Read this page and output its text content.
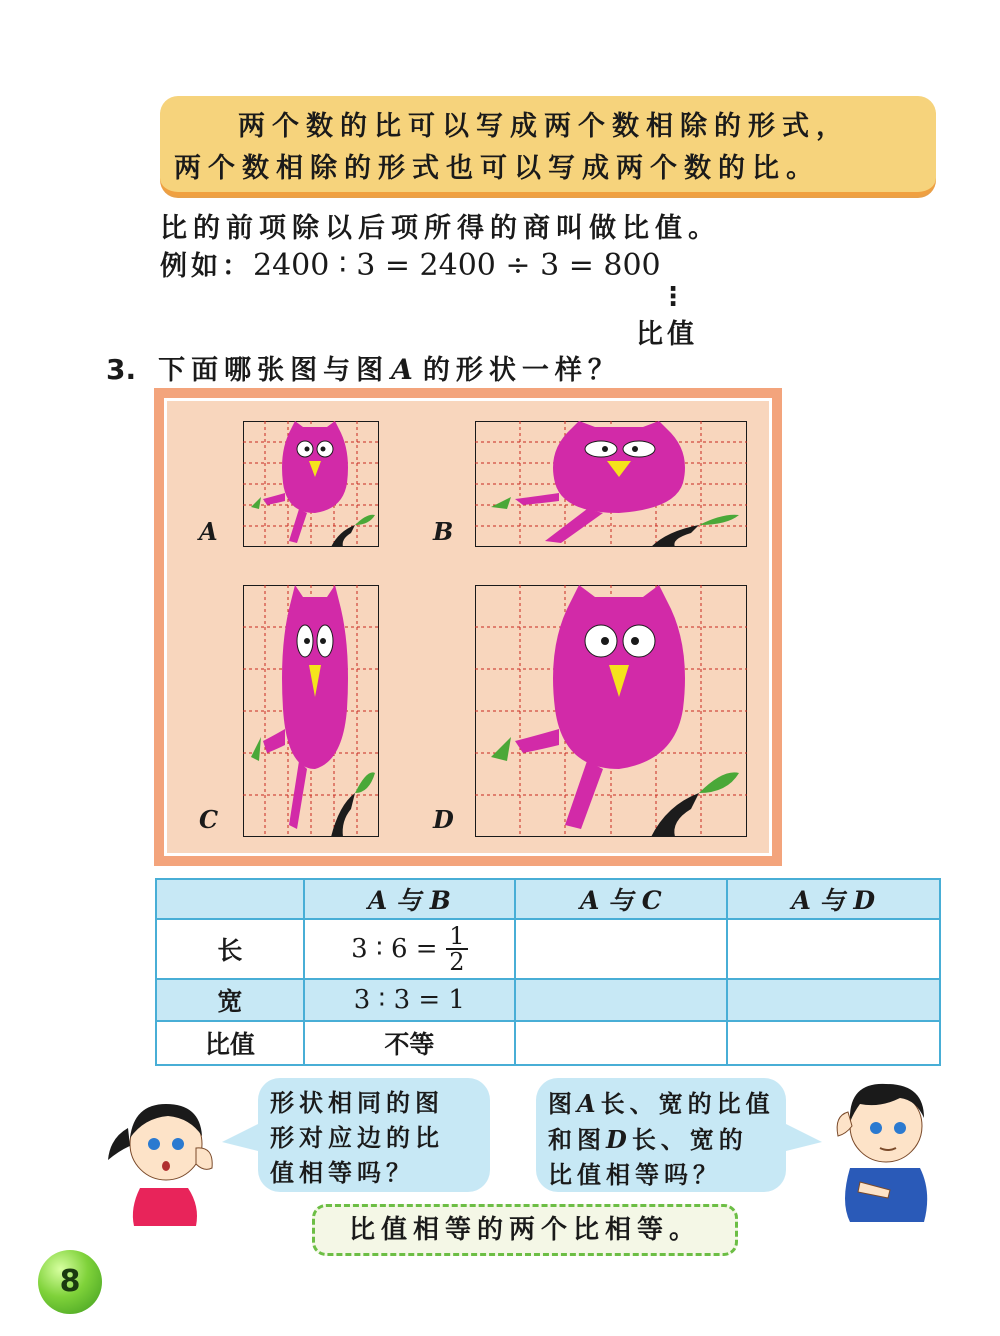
两个数的比可以写成两个数相除的形式，
两个数相除的形式也可以写成两个数的比。
比的前项除以后项所得的商叫做比值。
例如：2400 ∶ 3 = 2400 ÷ 3 = 800
⋮
比值
3. 下面哪张图与图A 的形状一样？
A	B
C	D
	A 与 B	A 与 C	A 与 D
长	3 ∶ $6 = \frac{1}{2}$

宽	3 ∶ 3 = 1		
比值	不等		
形状相同的图
形对应边的比
值相等吗？
图A长、宽的比值
和图D长、宽的
比值相等吗？
比值相等的两个比相等。
8
